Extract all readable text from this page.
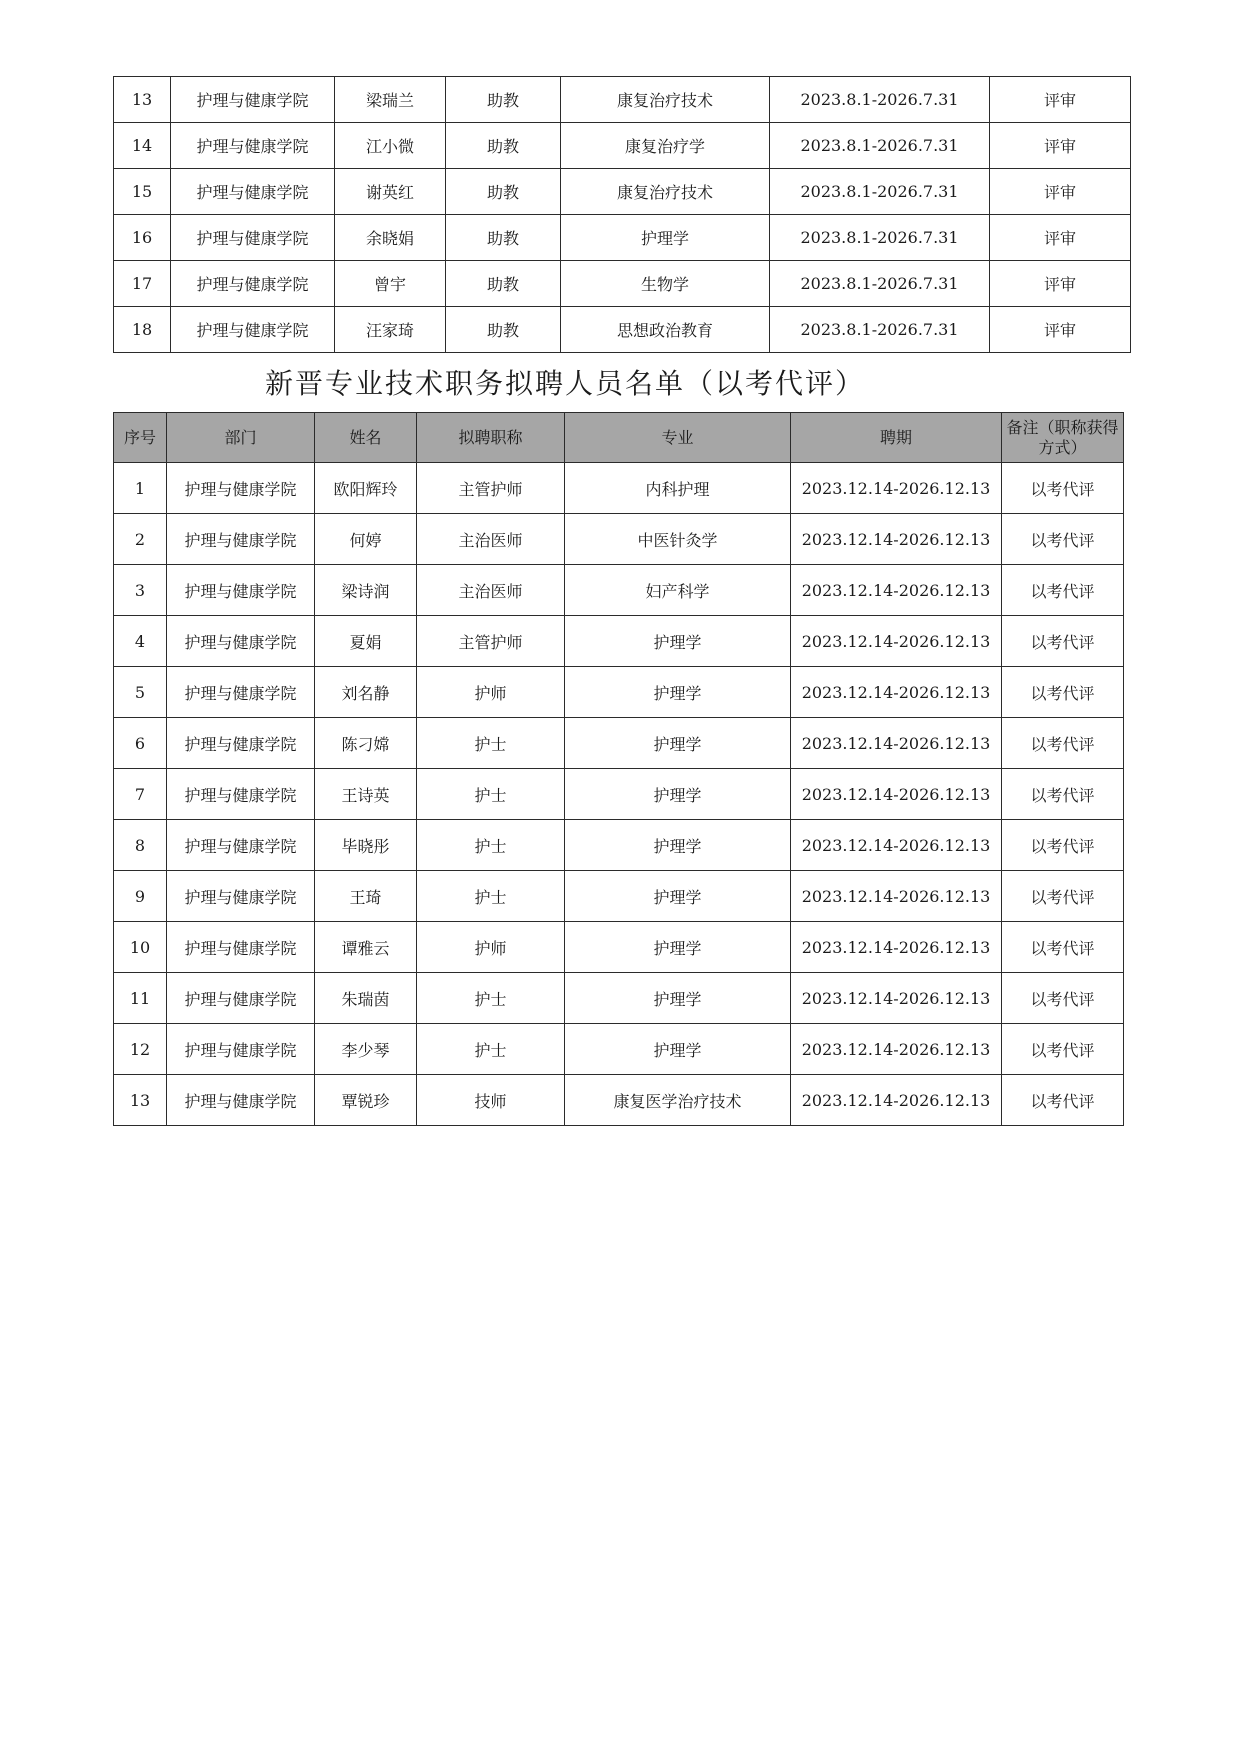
13	护理与健康学院	梁瑞兰	助教	康复治疗技术	2023.8.1-2026.7.31	评审
14	护理与健康学院	江小微	助教	康复治疗学	2023.8.1-2026.7.31	评审
15	护理与健康学院	谢英红	助教	康复治疗技术	2023.8.1-2026.7.31	评审
16	护理与健康学院	余晓娟	助教	护理学	2023.8.1-2026.7.31	评审
17	护理与健康学院	曾宇	助教	生物学	2023.8.1-2026.7.31	评审
18	护理与健康学院	汪家琦	助教	思想政治教育	2023.8.1-2026.7.31	评审
新晋专业技术职务拟聘人员名单（以考代评）
序号	部门	姓名	拟聘职称	专业	聘期	备注（职称获得方式）
1	护理与健康学院	欧阳辉玲	主管护师	内科护理	2023.12.14-2026.12.13	以考代评
2	护理与健康学院	何婷	主治医师	中医针灸学	2023.12.14-2026.12.13	以考代评
3	护理与健康学院	梁诗润	主治医师	妇产科学	2023.12.14-2026.12.13	以考代评
4	护理与健康学院	夏娟	主管护师	护理学	2023.12.14-2026.12.13	以考代评
5	护理与健康学院	刘名静	护师	护理学	2023.12.14-2026.12.13	以考代评
6	护理与健康学院	陈刁嫦	护士	护理学	2023.12.14-2026.12.13	以考代评
7	护理与健康学院	王诗英	护士	护理学	2023.12.14-2026.12.13	以考代评
8	护理与健康学院	毕晓彤	护士	护理学	2023.12.14-2026.12.13	以考代评
9	护理与健康学院	王琦	护士	护理学	2023.12.14-2026.12.13	以考代评
10	护理与健康学院	谭雅云	护师	护理学	2023.12.14-2026.12.13	以考代评
11	护理与健康学院	朱瑞茵	护士	护理学	2023.12.14-2026.12.13	以考代评
12	护理与健康学院	李少琴	护士	护理学	2023.12.14-2026.12.13	以考代评
13	护理与健康学院	覃锐珍	技师	康复医学治疗技术	2023.12.14-2026.12.13	以考代评
